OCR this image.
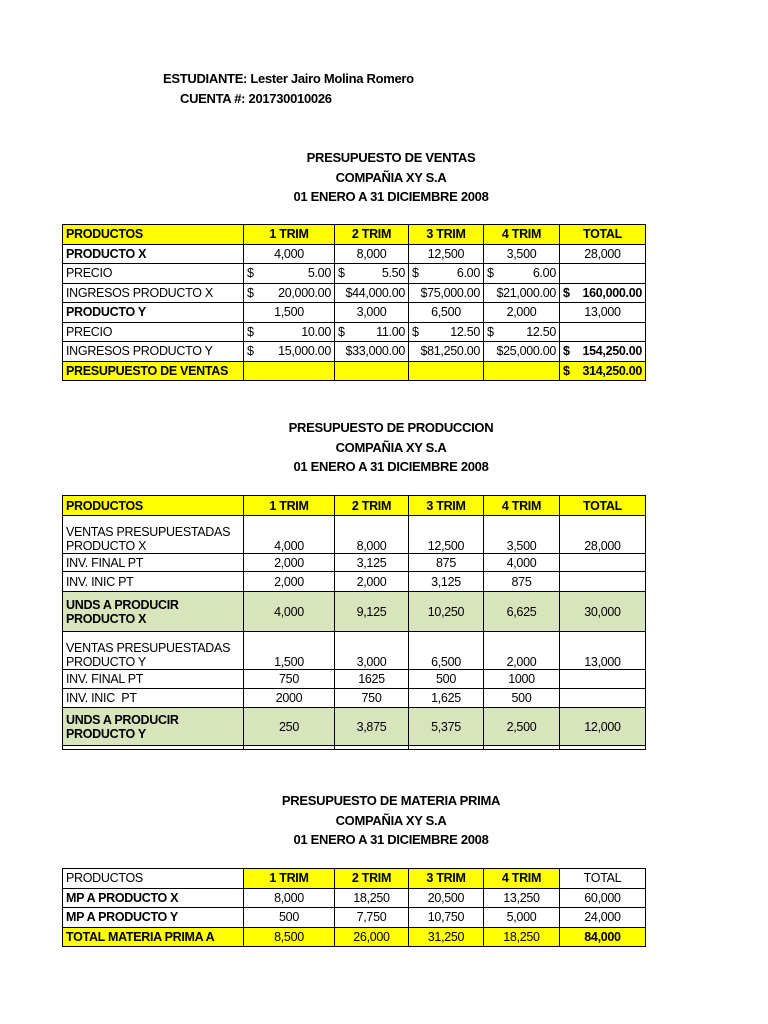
ESTUDIANTE: Lester Jairo Molina Romero
CUENTA #: 201730010026
PRESUPUESTO DE VENTAS
COMPAÑIA XY S.A
01 ENERO A 31 DICIEMBRE 2008
PRODUCTOS	1 TRIM	2 TRIM	3 TRIM	4 TRIM	TOTAL
PRODUCTO X	4,000	8,000	12,500	3,500	28,000
PRECIO	$ 5.00	$ 5.50	$ 6.00	$ 6.00	

INGRESOS PRODUCTO X	$ 20,000.00	$44,000.00	$75,000.00	$21,000.00	$ 160,000.00

PRODUCTO Y	1,500	3,000	6,500	2,000	13,000
PRECIO	$ 10.00	$ 11.00	$ 12.50	$ 12.50	

INGRESOS PRODUCTO Y	$ 15,000.00	$33,000.00	$81,250.00	$25,000.00	$ 154,250.00

PRESUPUESTO DE VENTAS					$ 314,250.00
PRESUPUESTO DE PRODUCCION
COMPAÑIA XY S.A
01 ENERO A 31 DICIEMBRE 2008
PRODUCTOS	1 TRIM	2 TRIM	3 TRIM	4 TRIM	TOTAL
VENTAS PRESUPUESTADAS PRODUCTO X	4,000	8,000	12,500	3,500	28,000
INV. FINAL PT	2,000	3,125	875	4,000	
INV. INIC PT	2,000	2,000	3,125	875	
UNDS A PRODUCIR PRODUCTO X	4,000	9,125	10,250	6,625	30,000
VENTAS PRESUPUESTADAS PRODUCTO Y	1,500	3,000	6,500	2,000	13,000
INV. FINAL PT	750	1625	500	1000	
INV. INIC  PT	2000	750	1,625	500	
UNDS A PRODUCIR PRODUCTO Y	250	3,875	5,375	2,500	12,000

PRESUPUESTO DE MATERIA PRIMA
COMPAÑIA XY S.A
01 ENERO A 31 DICIEMBRE 2008
PRODUCTOS	1 TRIM	2 TRIM	3 TRIM	4 TRIM	TOTAL
MP A PRODUCTO X	8,000	18,250	20,500	13,250	60,000
MP A PRODUCTO Y	500	7,750	10,750	5,000	24,000
TOTAL MATERIA PRIMA A	8,500	26,000	31,250	18,250	84,000
